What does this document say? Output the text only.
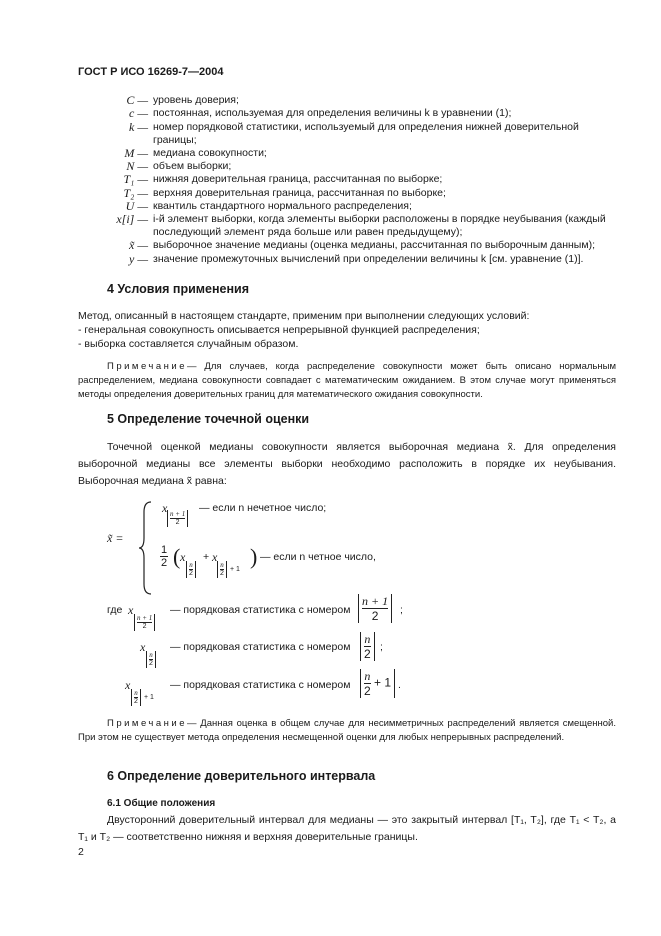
ГОСТ Р ИСО 16269-7—2004
C — уровень доверия;
c — постоянная, используемая для определения величины k в уравнении (1);
k — номер порядковой статистики, используемый для определения нижней доверительной границы;
M — медиана совокупности;
N — объем выборки;
T₁ — нижняя доверительная граница, рассчитанная по выборке;
T₂ — верхняя доверительная граница, рассчитанная по выборке;
U — квантиль стандартного нормального распределения;
x[i] — i-й элемент выборки, когда элементы выборки расположены в порядке неубывания (каждый последующий элемент ряда больше или равен предыдущему);
x̃ — выборочное значение медианы (оценка медианы, рассчитанная по выборочным данным);
y — значение промежуточных вычислений при определении величины k [см. уравнение (1)].
4 Условия применения
Метод, описанный в настоящем стандарте, применим при выполнении следующих условий:
- генеральная совокупность описывается непрерывной функцией распределения;
- выборка составляется случайным образом.
Примечание— Для случаев, когда распределение совокупности может быть описано нормальным распределением, медиана совокупности совпадает с математическим ожиданием. В этом случае могут применяться методы определения доверительных границ для математического ожидания совокупности.
5 Определение точечной оценки
Точечной оценкой медианы совокупности является выборочная медиана x̃. Для определения выборочной медианы все элементы выборки необходимо расположить в порядке их неубывания. Выборочная медиана x̃ равна:
x̃ =
x n + 1
2
— если n нечетное число;
1
2 ( x
n
2
+ x
n
2
+ 1
) — если n четное число,
где x
n + 1
2
— порядковая статистика с номером
n + 1
2	;
x
n
2
— порядковая статистика с номером
n
2 ;
x
n
2
+ 1
— порядковая статистика с номером $\frac{n}{2} + 1$ .
Примечание— Данная оценка в общем случае для несимметричных распределений является смещенной. При этом не существует метода определения несмещенной оценки для любых непрерывных распределений.
6 Определение доверительного интервала
6.1 Общие положения
Двусторонний доверительный интервал для медианы — это закрытый интервал [T₁, T₂], где T₁ < T₂, а T₁ и T₂ — соответственно нижняя и верхняя доверительные границы.
2
